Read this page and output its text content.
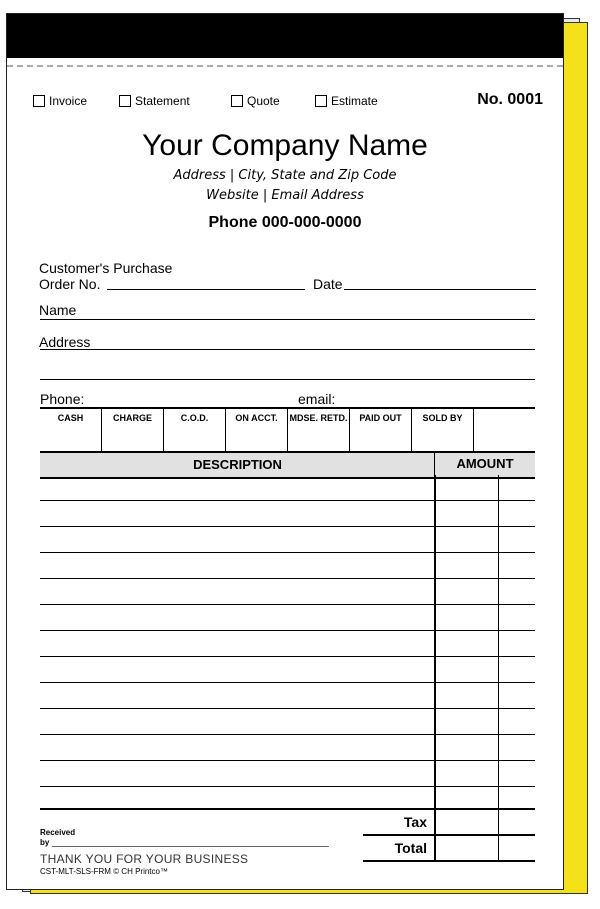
Invoice	Statement	Quote	Estimate	No. 0001
Your Company Name
Address | City, State and Zip Code
Website | Email Address
Phone 000-000-0000
Customer's Purchase
Order No.	Date
Name
Address
Phone:	email:
CASH	CHARGE	C.O.D.	ON ACCT.	MDSE. RETD.	PAID OUT	SOLD BY
DESCRIPTION	AMOUNT
Tax
Total
Received
by
THANK YOU FOR YOUR BUSINESS
CST-MLT-SLS-FRM © CH Printco™
